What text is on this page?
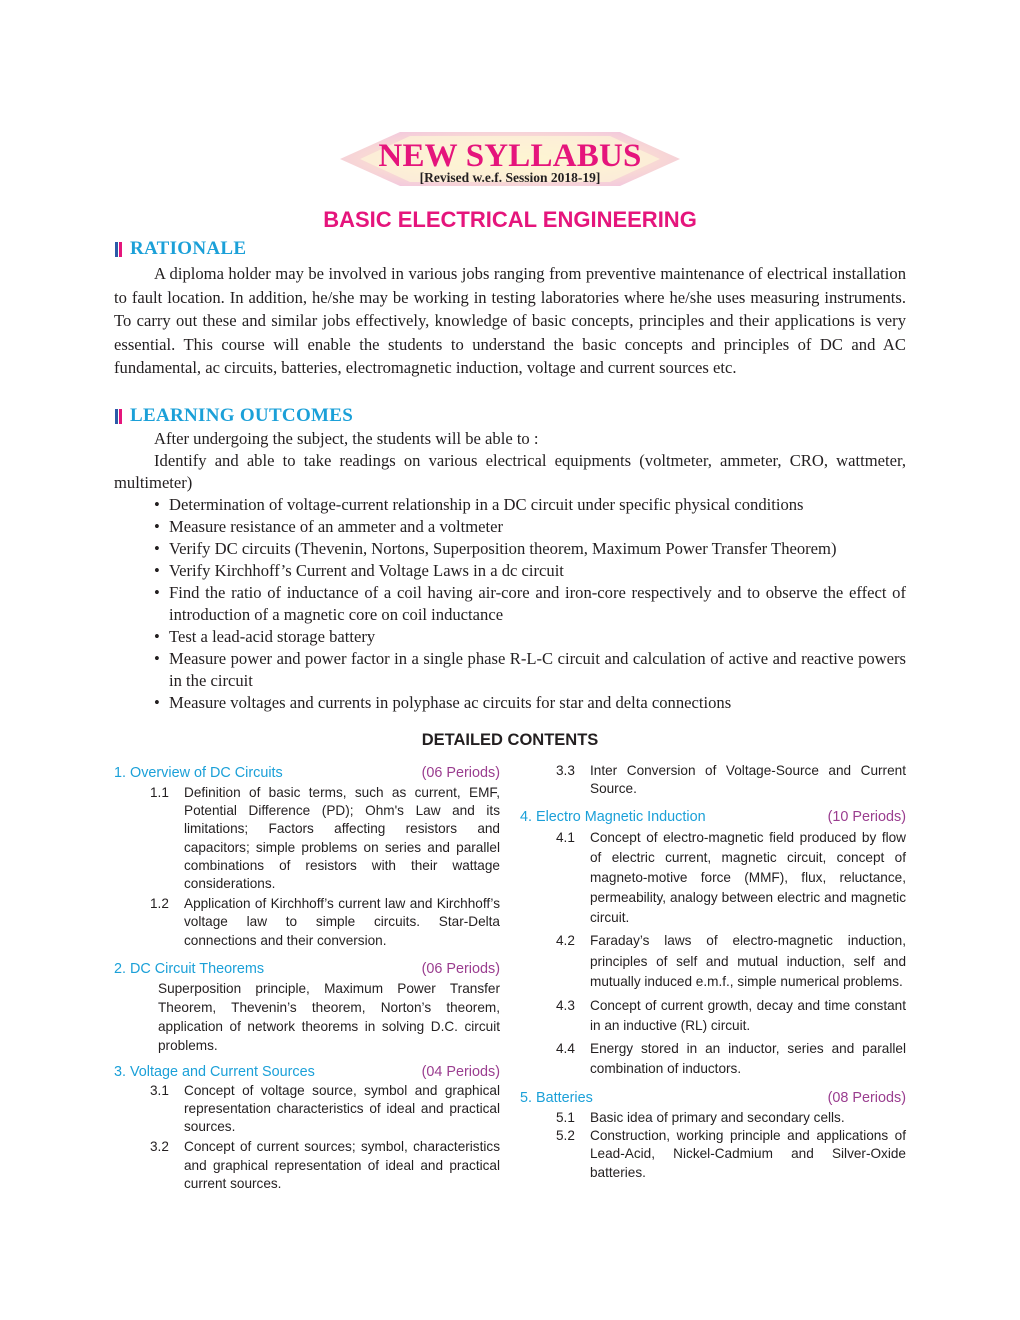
NEW SYLLABUS
[Revised w.e.f. Session 2018-19]
BASIC ELECTRICAL ENGINEERING
RATIONALE

A diploma holder may be involved in various jobs ranging from preventive maintenance of electrical installation to fault location. In addition, he/she may be working in testing laboratories where he/she uses measuring instruments. To carry out these and similar jobs effectively, knowledge of basic concepts, principles and their applications is very essential. This course will enable the students to understand the basic concepts and principles of DC and AC fundamental, ac circuits, batteries, electromagnetic induction, voltage and current sources etc.

LEARNING OUTCOMES

After undergoing the subject, the students will be able to :

Identify and able to take readings on various electrical equipments (voltmeter, ammeter, CRO, wattmeter, multimeter)

• Determination of voltage-current relationship in a DC circuit under specific physical conditions
• Measure resistance of an ammeter and a voltmeter
• Verify DC circuits (Thevenin, Nortons, Superposition theorem, Maximum Power Transfer Theorem)
• Verify Kirchhoff’s Current and Voltage Laws in a dc circuit
• Find the ratio of inductance of a coil having air-core and iron-core respectively and to observe the effect of introduction of a magnetic core on coil inductance
• Test a lead-acid storage battery
• Measure power and power factor in a single phase R-L-C circuit and calculation of active and reactive powers in the circuit
• Measure voltages and currents in polyphase ac circuits for star and delta connections
DETAILED CONTENTS
1. Overview of DC Circuits	(06 Periods)
1.1 Definition of basic terms, such as current, EMF, Potential Difference (PD); Ohm's Law and its limitations; Factors affecting resistors and capacitors; simple problems on series and parallel combinations of resistors with their wattage considerations.
1.2 Application of Kirchhoff’s current law and Kirchhoff’s voltage law to simple circuits. Star-Delta connections and their conversion.
2. DC Circuit Theorems	(06 Periods)
Superposition principle, Maximum Power Transfer Theorem, Thevenin’s theorem, Norton’s theorem, application of network theorems in solving D.C. circuit problems.
3. Voltage and Current Sources	(04 Periods)
3.1 Concept of voltage source, symbol and graphical representation characteristics of ideal and practical sources.
3.2 Concept of current sources; symbol, characteristics and graphical representation of ideal and practical current sources.
3.3 Inter Conversion of Voltage-Source and Current Source.
4. Electro Magnetic Induction	(10 Periods)
4.1 Concept of electro-magnetic field produced by flow of electric current, magnetic circuit, concept of magneto-motive force (MMF), flux, reluctance, permeability, analogy between electric and magnetic circuit.
4.2 Faraday’s laws of electro-magnetic induction, principles of self and mutual induction, self and mutually induced e.m.f., simple numerical problems.
4.3 Concept of current growth, decay and time constant in an inductive (RL) circuit.
4.4 Energy stored in an inductor, series and parallel combination of inductors.
5. Batteries	(08 Periods)
5.1 Basic idea of primary and secondary cells.
5.2 Construction, working principle and applications of Lead-Acid, Nickel-Cadmium and Silver-Oxide batteries.
